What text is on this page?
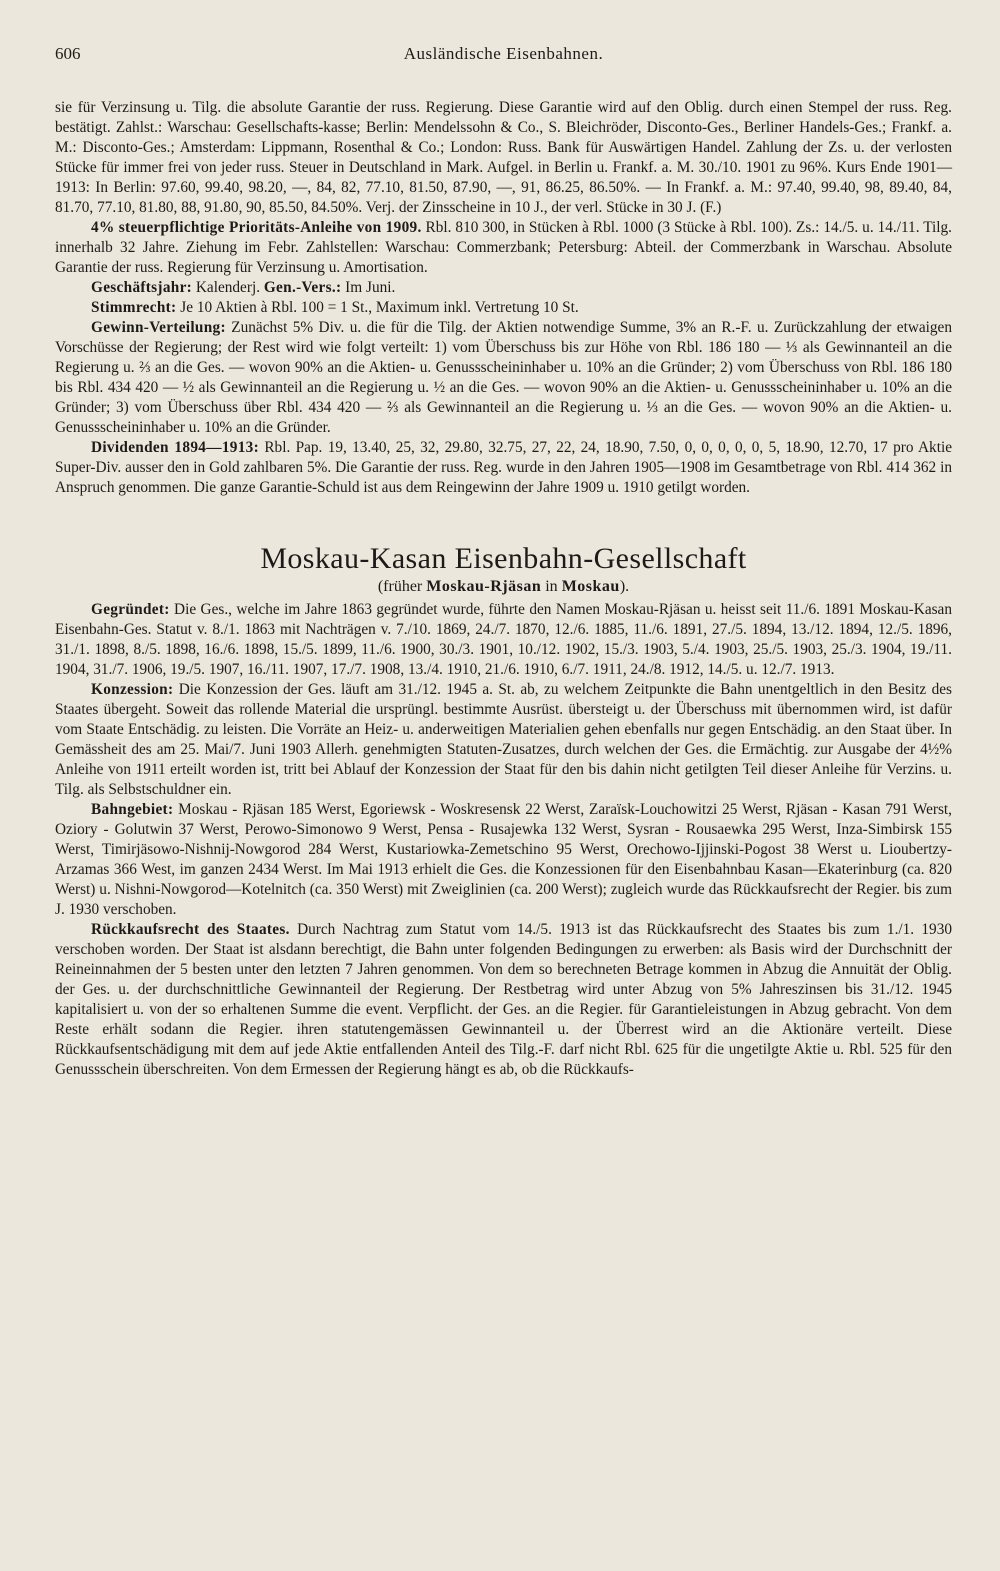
606	Ausländische Eisenbahnen.

sie für Verzinsung u. Tilg. die absolute Garantie der russ. Regierung. Diese Garantie wird auf den Oblig. durch einen Stempel der russ. Reg. bestätigt. Zahlst.: Warschau: Gesellschafts-kasse; Berlin: Mendelssohn & Co., S. Bleichröder, Disconto-Ges., Berliner Handels-Ges.; Frankf. a. M.: Disconto-Ges.; Amsterdam: Lippmann, Rosenthal & Co.; London: Russ. Bank für Auswärtigen Handel. Zahlung der Zs. u. der verlosten Stücke für immer frei von jeder russ. Steuer in Deutschland in Mark. Aufgel. in Berlin u. Frankf. a. M. 30./10. 1901 zu 96%. Kurs Ende 1901—1913: In Berlin: 97.60, 99.40, 98.20, —, 84, 82, 77.10, 81.50, 87.90, —, 91, 86.25, 86.50%. — In Frankf. a. M.: 97.40, 99.40, 98, 89.40, 84, 81.70, 77.10, 81.80, 88, 91.80, 90, 85.50, 84.50%. Verj. der Zinsscheine in 10 J., der verl. Stücke in 30 J. (F.)

4% steuerpflichtige Prioritäts-Anleihe von 1909. Rbl. 810 300, in Stücken à Rbl. 1000 (3 Stücke à Rbl. 100). Zs.: 14./5. u. 14./11. Tilg. innerhalb 32 Jahre. Ziehung im Febr. Zahlstellen: Warschau: Commerzbank; Petersburg: Abteil. der Commerzbank in Warschau. Absolute Garantie der russ. Regierung für Verzinsung u. Amortisation.

Geschäftsjahr: Kalenderj. Gen.-Vers.: Im Juni.

Stimmrecht: Je 10 Aktien à Rbl. 100 = 1 St., Maximum inkl. Vertretung 10 St.

Gewinn-Verteilung: Zunächst 5% Div. u. die für die Tilg. der Aktien notwendige Summe, 3% an R.-F. u. Zurückzahlung der etwaigen Vorschüsse der Regierung; der Rest wird wie folgt verteilt: 1) vom Überschuss bis zur Höhe von Rbl. 186 180 — ⅓ als Gewinnanteil an die Regierung u. ⅔ an die Ges. — wovon 90% an die Aktien- u. Genussscheininhaber u. 10% an die Gründer; 2) vom Überschuss von Rbl. 186 180 bis Rbl. 434 420 — ½ als Gewinnanteil an die Regierung u. ½ an die Ges. — wovon 90% an die Aktien- u. Genussscheininhaber u. 10% an die Gründer; 3) vom Überschuss über Rbl. 434 420 — ⅔ als Gewinnanteil an die Regierung u. ⅓ an die Ges. — wovon 90% an die Aktien- u. Genussscheininhaber u. 10% an die Gründer.

Dividenden 1894—1913: Rbl. Pap. 19, 13.40, 25, 32, 29.80, 32.75, 27, 22, 24, 18.90, 7.50, 0, 0, 0, 0, 0, 5, 18.90, 12.70, 17 pro Aktie Super-Div. ausser den in Gold zahlbaren 5%. Die Garantie der russ. Reg. wurde in den Jahren 1905—1908 im Gesamtbetrage von Rbl. 414 362 in Anspruch genommen. Die ganze Garantie-Schuld ist aus dem Reingewinn der Jahre 1909 u. 1910 getilgt worden.

Moskau-Kasan Eisenbahn-Gesellschaft
(früher Moskau-Rjäsan in Moskau).

Gegründet: Die Ges., welche im Jahre 1863 gegründet wurde, führte den Namen Moskau-Rjäsan u. heisst seit 11./6. 1891 Moskau-Kasan Eisenbahn-Ges. Statut v. 8./1. 1863 mit Nachträgen v. 7./10. 1869, 24./7. 1870, 12./6. 1885, 11./6. 1891, 27./5. 1894, 13./12. 1894, 12./5. 1896, 31./1. 1898, 8./5. 1898, 16./6. 1898, 15./5. 1899, 11./6. 1900, 30./3. 1901, 10./12. 1902, 15./3. 1903, 5./4. 1903, 25./5. 1903, 25./3. 1904, 19./11. 1904, 31./7. 1906, 19./5. 1907, 16./11. 1907, 17./7. 1908, 13./4. 1910, 21./6. 1910, 6./7. 1911, 24./8. 1912, 14./5. u. 12./7. 1913.

Konzession: Die Konzession der Ges. läuft am 31./12. 1945 a. St. ab, zu welchem Zeitpunkte die Bahn unentgeltlich in den Besitz des Staates übergeht. Soweit das rollende Material die ursprüngl. bestimmte Ausrüst. übersteigt u. der Überschuss mit übernommen wird, ist dafür vom Staate Entschädig. zu leisten. Die Vorräte an Heiz- u. anderweitigen Materialien gehen ebenfalls nur gegen Entschädig. an den Staat über. In Gemässheit des am 25. Mai/7. Juni 1903 Allerh. genehmigten Statuten-Zusatzes, durch welchen der Ges. die Ermächtig. zur Ausgabe der 4½% Anleihe von 1911 erteilt worden ist, tritt bei Ablauf der Konzession der Staat für den bis dahin nicht getilgten Teil dieser Anleihe für Verzins. u. Tilg. als Selbstschuldner ein.

Bahngebiet: Moskau - Rjäsan 185 Werst, Egoriewsk - Woskresensk 22 Werst, Zaraïsk-Louchowitzi 25 Werst, Rjäsan - Kasan 791 Werst, Oziory - Golutwin 37 Werst, Perowo-Simonowo 9 Werst, Pensa - Rusajewka 132 Werst, Sysran - Rousaewka 295 Werst, Inza-Simbirsk 155 Werst, Timirjäsowo-Nishnij-Nowgorod 284 Werst, Kustariowka-Zemetschino 95 Werst, Orechowo-Ijjinski-Pogost 38 Werst u. Lioubertzy-Arzamas 366 West, im ganzen 2434 Werst. Im Mai 1913 erhielt die Ges. die Konzessionen für den Eisenbahnbau Kasan—Ekaterinburg (ca. 820 Werst) u. Nishni-Nowgorod—Kotelnitch (ca. 350 Werst) mit Zweiglinien (ca. 200 Werst); zugleich wurde das Rückkaufsrecht der Regier. bis zum J. 1930 verschoben.

Rückkaufsrecht des Staates. Durch Nachtrag zum Statut vom 14./5. 1913 ist das Rückkaufsrecht des Staates bis zum 1./1. 1930 verschoben worden. Der Staat ist alsdann berechtigt, die Bahn unter folgenden Bedingungen zu erwerben: als Basis wird der Durchschnitt der Reineinnahmen der 5 besten unter den letzten 7 Jahren genommen. Von dem so berechneten Betrage kommen in Abzug die Annuität der Oblig. der Ges. u. der durchschnittliche Gewinnanteil der Regierung. Der Restbetrag wird unter Abzug von 5% Jahreszinsen bis 31./12. 1945 kapitalisiert u. von der so erhaltenen Summe die event. Verpflicht. der Ges. an die Regier. für Garantieleistungen in Abzug gebracht. Von dem Reste erhält sodann die Regier. ihren statutengemässen Gewinnanteil u. der Überrest wird an die Aktionäre verteilt. Diese Rückkaufsentschädigung mit dem auf jede Aktie entfallenden Anteil des Tilg.-F. darf nicht Rbl. 625 für die ungetilgte Aktie u. Rbl. 525 für den Genussschein überschreiten. Von dem Ermessen der Regierung hängt es ab, ob die Rückkaufs-
